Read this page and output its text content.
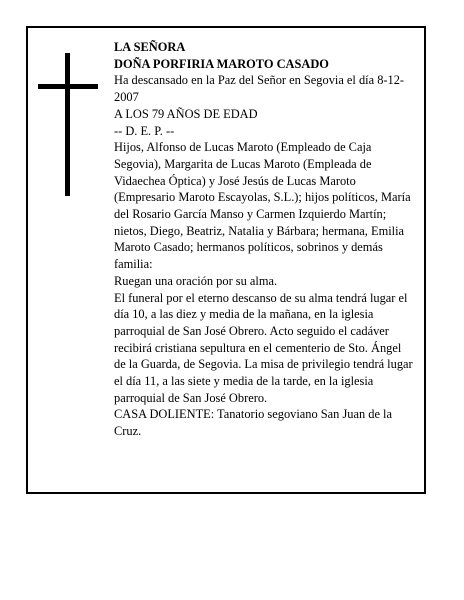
LA SEÑORA

DOÑA PORFIRIA MAROTO CASADO

Ha descansado en la Paz del Señor en Segovia el día 8-12-2007

A LOS 79 AÑOS DE EDAD

-- D. E. P. --

Hijos, Alfonso de Lucas Maroto (Empleado de Caja Segovia), Margarita de Lucas Maroto (Empleada de Vidaechea Óptica) y José Jesús de Lucas Maroto (Empresario Maroto Escayolas, S.L.); hijos políticos, María del Rosario García Manso y Carmen Izquierdo Martín; nietos, Diego, Beatriz, Natalia y Bárbara; hermana, Emilia Maroto Casado; hermanos políticos, sobrinos y demás familia:

Ruegan una oración por su alma.

El funeral por el eterno descanso de su alma tendrá lugar el día 10, a las diez y media de la mañana, en la iglesia parroquial de San José Obrero. Acto seguido el cadáver recibirá cristiana sepultura en el cementerio de Sto. Ángel de la Guarda, de Segovia. La misa de privilegio tendrá lugar el día 11, a las siete y media de la tarde, en la iglesia parroquial de San José Obrero.

CASA DOLIENTE: Tanatorio segoviano San Juan de la Cruz.
